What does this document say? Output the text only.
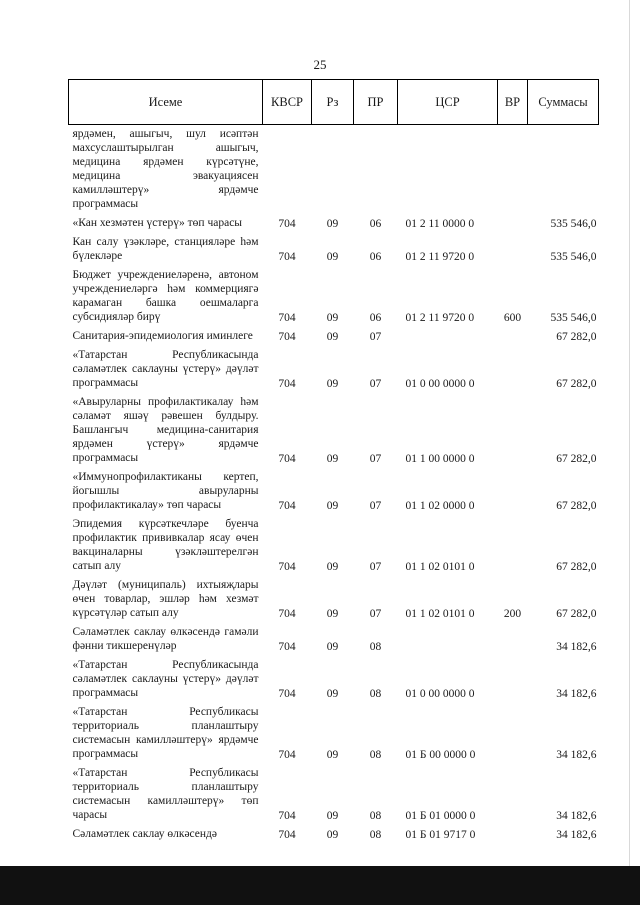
25
Исеме	КВСР	Рз	ПР	ЦСР	ВР	Суммасы
ярдәмен, ашыгыч, шул исәптән махсуслаштырылган ашыгыч, медицина ярдәмен күрсәтүне, медицина эвакуациясен камилләштерү» ярдәмче программасы						
«Кан хезмәтен үстерү» төп чарасы	704	09	06	01 2 11 0000 0		535 546,0
Кан салу үзәкләре, станцияләре һәм бүлекләре	704	09	06	01 2 11 9720 0		535 546,0
Бюджет учреждениеләренә, автоном учреждениеләргә һәм коммерциягә карамаган башка оешмаларга субсидияләр бирү	704	09	06	01 2 11 9720 0	600	535 546,0
Санитария-эпидемиология иминлеге	704	09	07			67 282,0
«Татарстан Республикасында сәламәтлек саклауны үстерү» дәүләт программасы	704	09	07	01 0 00 0000 0		67 282,0
«Авыруларны профилактикалау һәм сәламәт яшәү рәвешен булдыру. Башлангыч медицина-санитария ярдәмен үстерү» ярдәмче программасы	704	09	07	01 1 00 0000 0		67 282,0
«Иммунопрофилактиканы кертеп, йогышлы авыруларны профилактикалау» төп чарасы	704	09	07	01 1 02 0000 0		67 282,0
Эпидемия күрсәткечләре буенча профилактик прививкалар ясау өчен вакциналарны үзәкләштерелгән сатып алу	704	09	07	01 1 02 0101 0		67 282,0
Дәүләт (муниципаль) ихтыяҗлары өчен товарлар, эшләр һәм хезмәт күрсәтүләр сатып алу	704	09	07	01 1 02 0101 0	200	67 282,0
Сәламәтлек саклау өлкәсендә гамәли фәнни тикшеренүләр	704	09	08			34 182,6
«Татарстан Республикасында сәламәтлек саклауны үстерү» дәүләт программасы	704	09	08	01 0 00 0000 0		34 182,6
«Татарстан Республикасы территориаль планлаштыру системасын камилләштерү» ярдәмче программасы	704	09	08	01 Б 00 0000 0		34 182,6
«Татарстан Республикасы территориаль планлаштыру системасын камилләштерү» төп чарасы	704	09	08	01 Б 01 0000 0		34 182,6
Сәламәтлек саклау өлкәсендә	704	09	08	01 Б 01 9717 0		34 182,6
